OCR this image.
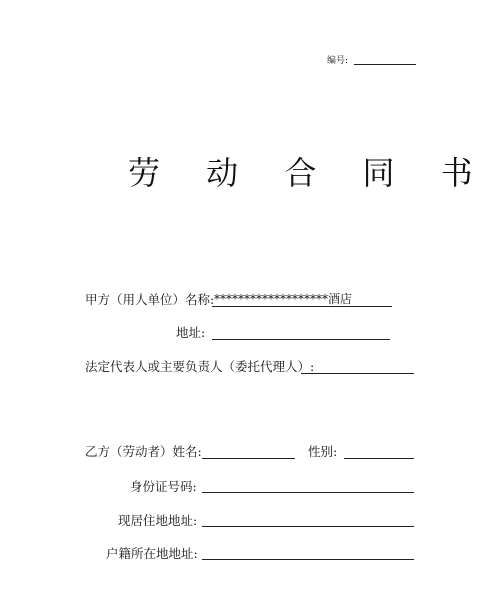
编号:
劳 动 合 同 书
甲方（用人单位）名称: *******************酒店
地址:
法定代表人或主要负责人（委托代理人）:
乙方（劳动者）姓名:	性别:
身份证号码:
现居住地地址:
户籍所在地地址:
